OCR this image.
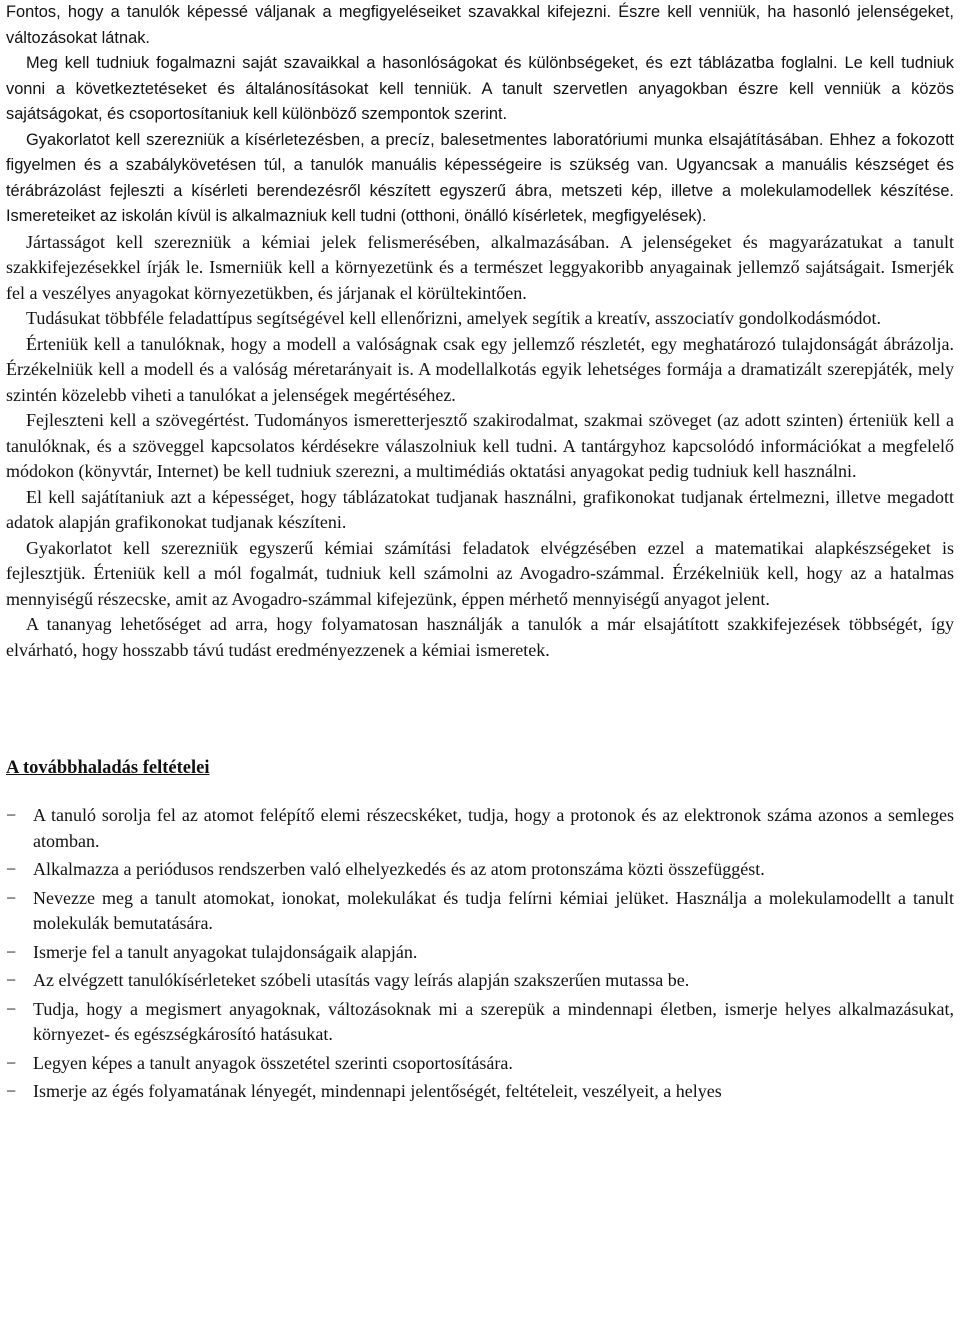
Fontos, hogy a tanulók képessé váljanak a megfigyeléseiket szavakkal kifejezni. Észre kell venniük, ha hasonló jelenségeket, változásokat látnak.

Meg kell tudniuk fogalmazni saját szavaikkal a hasonlóságokat és különbségeket, és ezt táblázatba foglalni. Le kell tudniuk vonni a következtetéseket és általánosításokat kell tenniük. A tanult szervetlen anyagokban észre kell venniük a közös sajátságokat, és csoportosítaniuk kell különböző szempontok szerint.

Gyakorlatot kell szerezniük a kísérletezésben, a precíz, balesetmentes laboratóriumi munka elsajátításában. Ehhez a fokozott figyelmen és a szabálykövetésen túl, a tanulók manuális képességeire is szükség van. Ugyancsak a manuális készséget és térábrázolást fejleszti a kísérleti berendezésről készített egyszerű ábra, metszeti kép, illetve a molekulamodellek készítése. Ismereteiket az iskolán kívül is alkalmazniuk kell tudni (otthoni, önálló kísérletek, megfigyelések).

Jártasságot kell szerezniük a kémiai jelek felismerésében, alkalmazásában. A jelenségeket és magyarázatukat a tanult szakkifejezésekkel írják le. Ismerniük kell a környezetünk és a természet leggyakoribb anyagainak jellemző sajátságait. Ismerjék fel a veszélyes anyagokat környezetükben, és járjanak el körültekintően.

Tudásukat többféle feladattípus segítségével kell ellenőrizni, amelyek segítik a kreatív, asszociatív gondolkodásmódot.

Érteniük kell a tanulóknak, hogy a modell a valóságnak csak egy jellemző részletét, egy meghatározó tulajdonságát ábrázolja. Érzékelniük kell a modell és a valóság méretarányait is. A modellalkotás egyik lehetséges formája a dramatizált szerepjáték, mely szintén közelebb viheti a tanulókat a jelenségek megértéséhez.

Fejleszteni kell a szövegértést. Tudományos ismeretterjesztő szakirodalmat, szakmai szöveget (az adott szinten) érteniük kell a tanulóknak, és a szöveggel kapcsolatos kérdésekre válaszolniuk kell tudni. A tantárgyhoz kapcsolódó információkat a megfelelő módokon (könyvtár, Internet) be kell tudniuk szerezni, a multimédiás oktatási anyagokat pedig tudniuk kell használni.

El kell sajátítaniuk azt a képességet, hogy táblázatokat tudjanak használni, grafikonokat tudjanak értelmezni, illetve megadott adatok alapján grafikonokat tudjanak készíteni.

Gyakorlatot kell szerezniük egyszerű kémiai számítási feladatok elvégzésében ezzel a matematikai alapkészségeket is fejlesztjük. Érteniük kell a mól fogalmát, tudniuk kell számolni az Avogadro-számmal. Érzékelniük kell, hogy az a hatalmas mennyiségű részecske, amit az Avogadro-számmal kifejezünk, éppen mérhető mennyiségű anyagot jelent.

A tananyag lehetőséget ad arra, hogy folyamatosan használják a tanulók a már elsajátított szakkifejezések többségét, így elvárható, hogy hosszabb távú tudást eredményezzenek a kémiai ismeretek.

A továbbhaladás feltételei
− A tanuló sorolja fel az atomot felépítő elemi részecskéket, tudja, hogy a protonok és az elektronok száma azonos a semleges atomban.
− Alkalmazza a periódusos rendszerben való elhelyezkedés és az atom protonszáma közti összefüggést.
− Nevezze meg a tanult atomokat, ionokat, molekulákat és tudja felírni kémiai jelüket. Használja a molekulamodellt a tanult molekulák bemutatására.
− Ismerje fel a tanult anyagokat tulajdonságaik alapján.
− Az elvégzett tanulókísérleteket szóbeli utasítás vagy leírás alapján szakszerűen mutassa be.
− Tudja, hogy a megismert anyagoknak, változásoknak mi a szerepük a mindennapi életben, ismerje helyes alkalmazásukat, környezet- és egészségkárosító hatásukat.
− Legyen képes a tanult anyagok összetétel szerinti csoportosítására.
− Ismerje az égés folyamatának lényegét, mindennapi jelentőségét, feltételeit, veszélyeit, a helyes
